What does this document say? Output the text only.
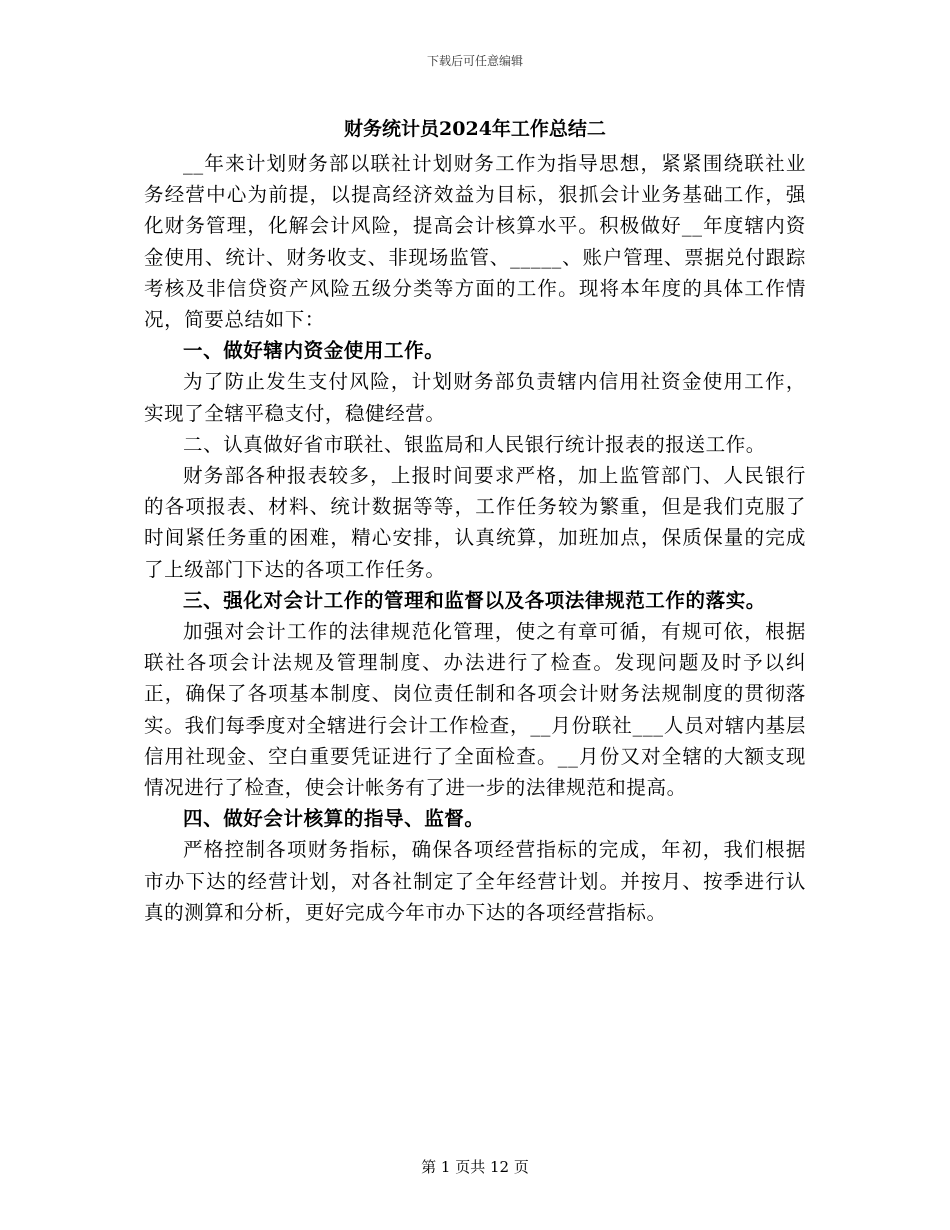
下载后可任意编辑
财务统计员2024年工作总结二

__年来计划财务部以联社计划财务工作为指导思想，紧紧围绕联社业务经营中心为前提，以提高经济效益为目标，狠抓会计业务基础工作，强化财务管理，化解会计风险，提高会计核算水平。积极做好__年度辖内资金使用、统计、财务收支、非现场监管、_____、账户管理、票据兑付跟踪考核及非信贷资产风险五级分类等方面的工作。现将本年度的具体工作情况，简要总结如下：

一、做好辖内资金使用工作。

为了防止发生支付风险，计划财务部负责辖内信用社资金使用工作，实现了全辖平稳支付，稳健经营。

二、认真做好省市联社、银监局和人民银行统计报表的报送工作。

财务部各种报表较多，上报时间要求严格，加上监管部门、人民银行的各项报表、材料、统计数据等等，工作任务较为繁重，但是我们克服了时间紧任务重的困难，精心安排，认真统算，加班加点，保质保量的完成了上级部门下达的各项工作任务。

三、强化对会计工作的管理和监督以及各项法律规范工作的落实。

加强对会计工作的法律规范化管理，使之有章可循，有规可依，根据联社各项会计法规及管理制度、办法进行了检查。发现问题及时予以纠正，确保了各项基本制度、岗位责任制和各项会计财务法规制度的贯彻落实。我们每季度对全辖进行会计工作检查，__月份联社___人员对辖内基层信用社现金、空白重要凭证进行了全面检查。__月份又对全辖的大额支现情况进行了检查，使会计帐务有了进一步的法律规范和提高。

四、做好会计核算的指导、监督。

严格控制各项财务指标，确保各项经营指标的完成，年初，我们根据市办下达的经营计划，对各社制定了全年经营计划。并按月、按季进行认真的测算和分析，更好完成今年市办下达的各项经营指标。

第 1 页共 12 页
